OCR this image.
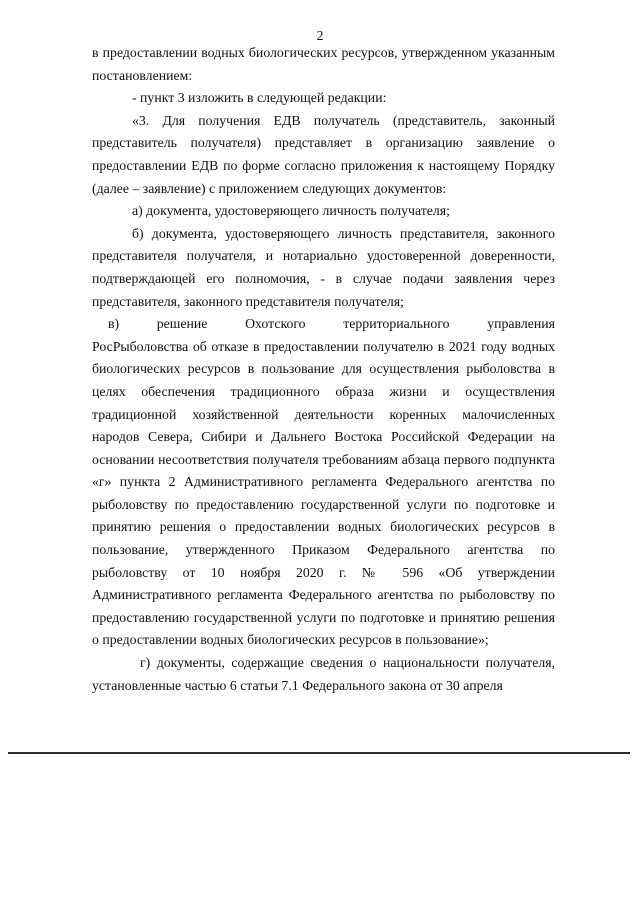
2

в предоставлении водных биологических ресурсов, утвержденном указанным постановлением:

- пункт 3 изложить в следующей редакции:

«3. Для получения ЕДВ получатель (представитель, законный представитель получателя) представляет в организацию заявление о предоставлении ЕДВ по форме согласно приложения к настоящему Порядку (далее – заявление) с приложением следующих документов:

а) документа, удостоверяющего личность получателя;

б) документа, удостоверяющего личность представителя, законного представителя получателя, и нотариально удостоверенной доверенности, подтверждающей его полномочия, - в случае подачи заявления через представителя, законного представителя получателя;

в)	решение	Охотского	территориального	управления

РосРыболовства об отказе в предоставлении получателю в 2021 году водных биологических ресурсов в пользование для осуществления рыболовства в целях обеспечения традиционного образа жизни и осуществления традиционной хозяйственной деятельности коренных малочисленных народов Севера, Сибири и Дальнего Востока Российской Федерации на основании несоответствия получателя требованиям абзаца первого подпункта «г» пункта 2 Административного регламента Федерального агентства по рыболовству по предоставлению государственной услуги по подготовке и принятию решения о предоставлении водных биологических ресурсов в пользование, утвержденного Приказом Федерального агентства по рыболовству от 10 ноября 2020 г. № 596 «Об утверждении Административного регламента Федерального агентства по рыболовству по предоставлению государственной услуги по подготовке и принятию решения о предоставлении водных биологических ресурсов в пользование»;

г) документы, содержащие сведения о национальности получателя, установленные частью 6 статьи 7.1 Федерального закона от 30 апреля
